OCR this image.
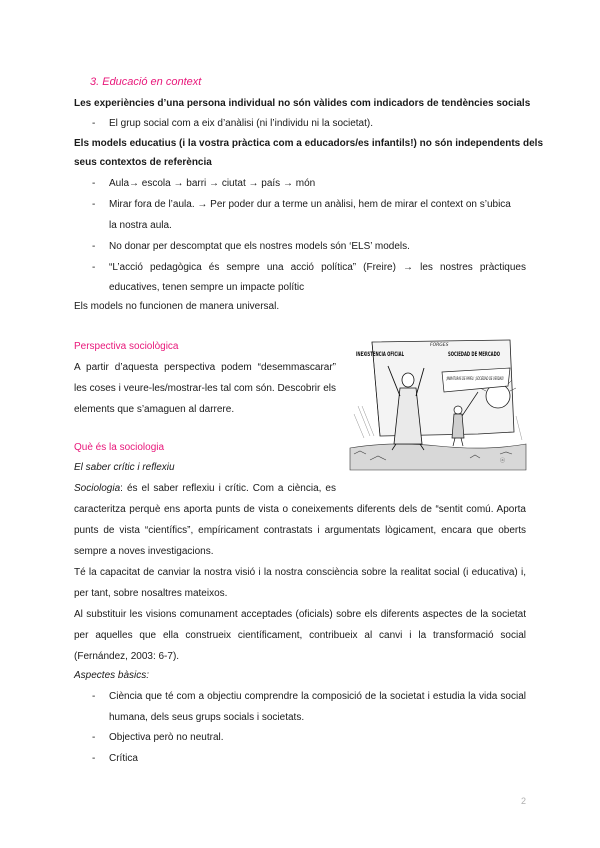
3. Educació en context
Les experiències d’una persona individual no són vàlides com indicadors de tendències socials
- El grup social com a eix d’anàlisi (ni l’individu ni la societat).
Els models educatius (i la vostra pràctica com a educadors/es infantils!) no són independents dels
seus contextos de referència
- Aula→ escola → barri → ciutat → país → món
- Mirar fora de l’aula. → Per poder dur a terme un anàlisi, hem de mirar el context on s’ubica
la nostra aula.
- No donar per descomptat que els nostres models són ‘ELS’ models.
- “L’acció pedagògica és sempre una acció política” (Freire) → les nostres pràctiques
educatives, tenen sempre un impacte polític
Els models no funcionen de manera universal.
Perspectiva sociològica
A partir d’aquesta perspectiva podem “desemmascarar”
les coses i veure-les/mostrar-les tal com són. Descobrir els
elements que s’amaguen al darrere.
¡MINIATURAS DE PAPEL! ¡SOCIEDAD DE VERDAD!
INEXISTENCIA OFICIAL	SOCIEDAD DE MERCADO
FORGES
ⓐ
Què és la sociologia
El saber crític i reflexiu
Sociologia: és el saber reflexiu i crític. Com a ciència, es
caracteritza perquè ens aporta punts de vista o coneixements diferents dels de “sentit comú. Aporta
punts de vista “científics”, empíricament contrastats i argumentats lògicament, encara que oberts
sempre a noves investigacions.
Té la capacitat de canviar la nostra visió i la nostra consciència sobre la realitat social (i educativa) i,
per tant, sobre nosaltres mateixos.
Al substituir les visions comunament acceptades (oficials) sobre els diferents aspectes de la societat
per aquelles que ella construeix científicament, contribueix al canvi i la transformació social
(Fernández, 2003: 6-7).
Aspectes bàsics:
- Ciència que té com a objectiu comprendre la composició de la societat i estudia la vida social
humana, dels seus grups socials i societats.
- Objectiva però no neutral.
- Crítica
2
